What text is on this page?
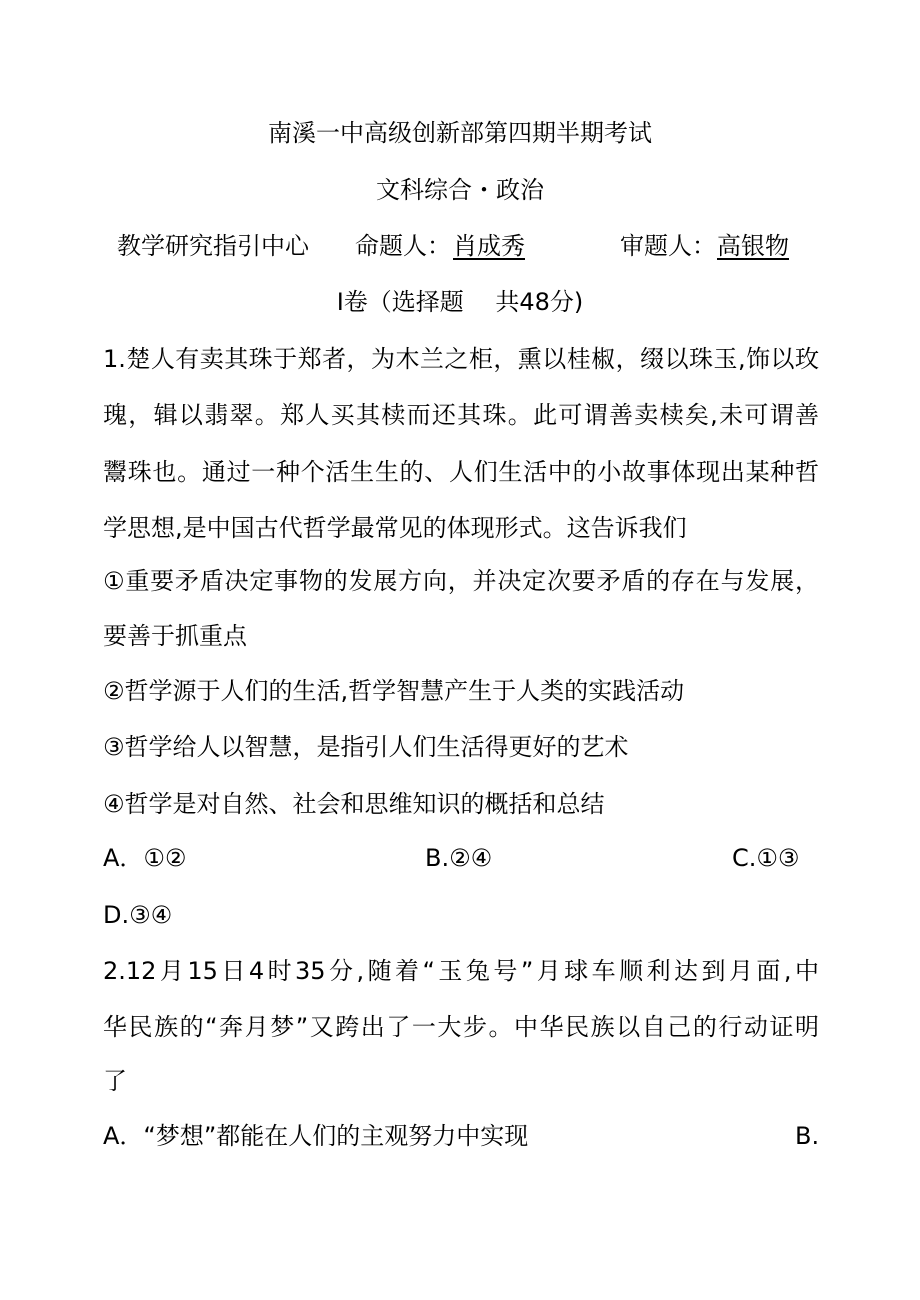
南溪一中高级创新部第四期半期考试
文科综合・政治
教学研究指引中心 命题人： 肖成秀	审题人： 高银物
Ⅰ卷（选择题　 共48分)
1.楚人有卖其珠于郑者，为木兰之柜，熏以桂椒，缀以珠玉,饰以玫
瑰，辑以翡翠。郑人买其椟而还其珠。此可谓善卖椟矣,未可谓善
鬻珠也。通过一种个活生生的、人们生活中的小故事体现出某种哲
学思想,是中国古代哲学最常见的体现形式。这告诉我们
①重要矛盾决定事物的发展方向，并决定次要矛盾的存在与发展，
要善于抓重点
②哲学源于人们的生活,哲学智慧产生于人类的实践活动
③哲学给人以智慧，是指引人们生活得更好的艺术
④哲学是对自然、社会和思维知识的概括和总结
A．①②	B.②④	C.①③
D.③④
2.12月15日4时35分,随着“玉兔号”月球车顺利达到月面,中
华民族的“奔月梦”又跨出了一大步。中华民族以自己的行动证明
了
A．“梦想”都能在人们的主观努力中实现	B.
